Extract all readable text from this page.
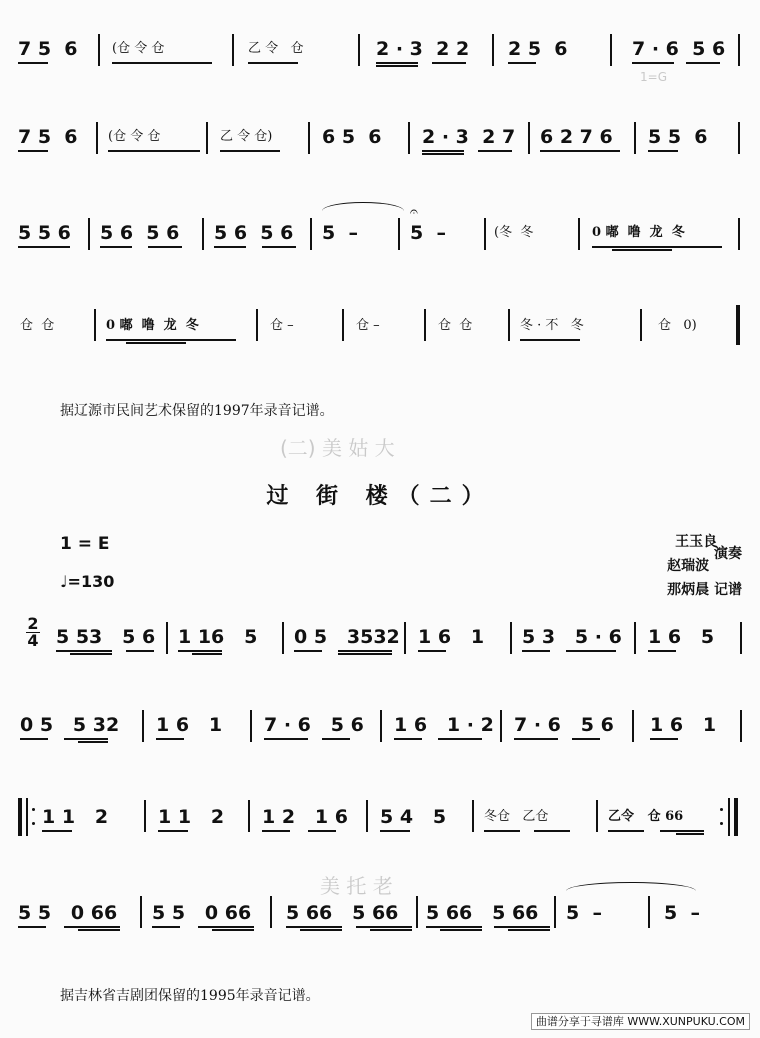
1=G
(二) 美 姑 大
美 托 老
7 5  6	(仓 令 仓	乙 令   仓	2 · 3  2 2 2 5  6	7 · 6  5 6
7 5  6 (仓 令 仓	乙 令 仓)	6 5  6 2 · 3  2 7 6 2 7 6 5 5  6
𝄐
5 5 6 5 6  5 6 5 6  5 6 5  –	5  –	(冬  冬	0 嘟  噜  龙  冬
仓  仓	0 嘟  噜  龙  冬	仓 –	仓 –	仓  仓	冬 · 不   冬	仓   0)
据辽源市民间艺术保留的1997年录音记谱。
过 街 楼（二）
1 = E
♩=130
王玉良
赵瑞波 演奏
那炳晨 记谱
2
4 5 53   5 6 1 16   5 0 5   3532 1 6   1 5 3   5 · 6 1 6   5
0 5   5 32 1 6   1 7 · 6   5 6 1 6   1 · 2 7 · 6   5 6 1 6   1
1 1   2	1 1   2 1 2   1 6 5 4   5	冬仓   乙仓	乙令   仓 66
5 5   0 66 5 5   0 66 5 66   5 66 5 66   5 66 5  –	5  –
据吉林省吉剧团保留的1995年录音记谱。
曲谱分享于寻谱库 WWW.XUNPUKU.COM
